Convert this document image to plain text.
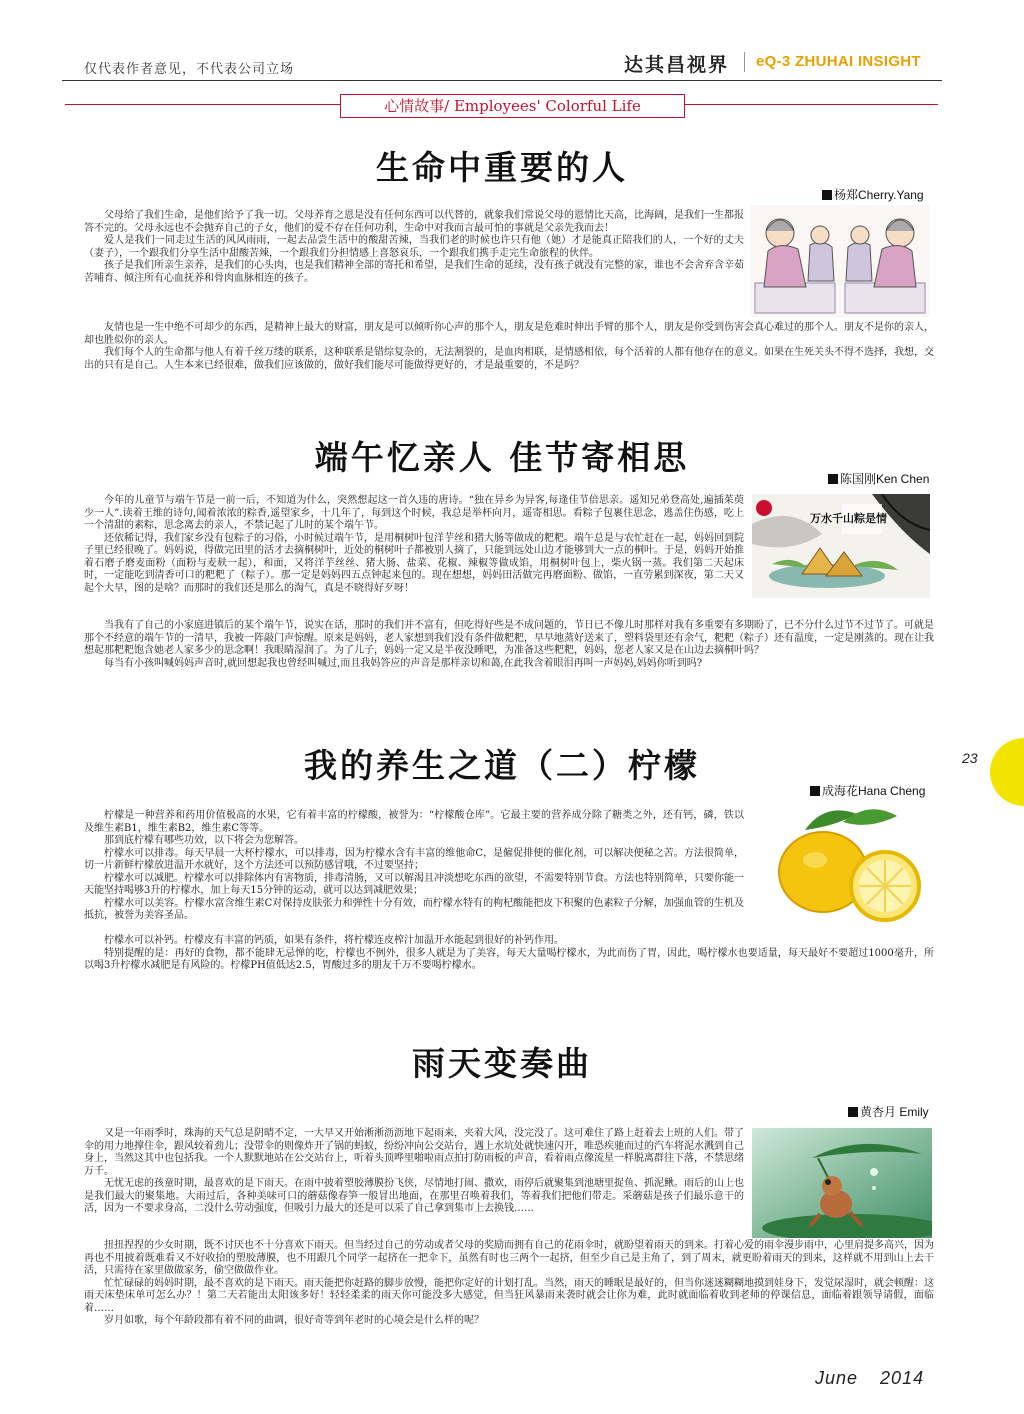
仅代表作者意见，不代表公司立场	达其昌视界 eQ-3 ZHUHAI INSIGHT
心情故事/ Employees' Colorful Life
生命中重要的人
杨郑Cherry.Yang

父母给了我们生命，是他们给予了我一切。父母养育之恩是没有任何东西可以代替的，就象我们常说父母的恩情比天高，比海阔，是我们一生都报答不完的。父母永远也不会抛弃自己的子女，他们的爱不存在任何功利，生命中对我而言最可怕的事就是父亲先我而去！

爱人是我们一同走过生活的风风雨雨，一起去品尝生活中的酸甜苦辣，当我们老的时候也许只有他（她）才是能真正陪我们的人，一个好的丈夫（妻子），一个跟我们分享生活中甜酸苦辣，一个跟我们分担情感上喜怒哀乐，一个跟我们携手走完生命旅程的伙伴。

孩子是我们所亲生亲养，是我们的心头肉，也是我们精神全部的寄托和希望，是我们生命的延续，没有孩子就没有完整的家，谁也不会舍弃含辛茹苦哺育、倾注所有心血抚养和骨肉血脉相连的孩子。

友情也是一生中绝不可却少的东西，是精神上最大的财富，朋友是可以倾听你心声的那个人，朋友是危难时伸出手臂的那个人，朋友是你受到伤害会真心难过的那个人。朋友不是你的亲人，却也胜似你的亲人。

我们每个人的生命都与他人有着千丝万缕的联系，这种联系是错综复杂的，无法割裂的，是血肉相联，是情感相依，每个活着的人都有他存在的意义。如果在生死关头不得不选择，我想，交出的只有是自己。人生本来已经很难，做我们应该做的，做好我们能尽可能做得更好的，才是最重要的，不是吗？

端午忆亲人 佳节寄相思
陈国刚Ken Chen

今年的儿童节与端午节是一前一后，不知道为什么，突然想起这一首久违的唐诗。“独在异乡为异客,每逢佳节倍思亲。遥知兄弟登高处,遍插茱萸少一人”.读着王维的诗句,闻着浓浓的粽香,遥望家乡，十几年了，每到这个时候，我总是举杯向月，遥寄相思。看粽子包裹住思念，逃盖住伤感，吃上一个清甜的素粽，思念离去的亲人，不禁记起了儿时的某个端午节。

还依稀记得，我们家乡没有包粽子的习俗，小时候过端午节，是用桐树叶包洋芋丝和猪大肠等做成的粑粑。端午总是与农忙赶在一起，妈妈回到院子里已经很晚了。妈妈说，得做完田里的活才去摘桐树叶，近处的桐树叶子都被别人摘了，只能到远处山边才能够到大一点的桐叶。于是，妈妈开始推着石磨子磨麦面粉（面粉与麦麸一起），和面，又将洋芋丝丝、猪大肠、盐菜、花椒、辣椒等做成馅，用桐树叶包上，柴火锅一蒸。我们第二天起床时，一定能吃到清香可口的粑粑了（粽子）。那一定是妈妈四五点钟起来包的。现在想想，妈妈田活做完再磨面粉、做馅，一直劳累到深夜，第二天又起个大早，图的是啥？而那时的我们还是那么的淘气，真是不晓得好歹呀！

当我有了自己的小家庭进镇后的某个端午节，说实在话，那时的我们并不富有，但吃得好些是不成问题的，节日已不像儿时那样对我有多重要有多期盼了，已不分什么过节不过节了。可就是那个不经意的端午节的一清早，我被一阵敲门声惊醒。原来是妈妈，老人家想到我们没有条件做粑粑，早早地蒸好送来了，塑料袋里还有余气，粑粑（粽子）还有温度，一定是刚蒸的。现在让我想起那粑粑饱含她老人家多少的思念啊！我眼睛湿润了。为了儿子，妈妈一定又是半夜没睡吧，为准备这些粑粑，妈妈，您老人家又是在山边去摘桐叶吗？

每当有小孩叫喊妈妈声音时,就回想起我也曾经叫喊过,而且我妈答应的声音是那样亲切和蔼,在此我含着眼泪再叫一声妈妈,妈妈你听到吗?

万水千山粽是情
我的养生之道（二）柠檬
成海花Hana Cheng

柠檬是一种营养和药用价值极高的水果，它有着丰富的柠檬酸，被誉为：“柠檬酸仓库”。它最主要的营养成分除了糖类之外，还有钙，磷，铁以及维生素B1，维生素B2，维生素C等等。

那到底柠檬有哪些功效，以下将会为您解答。

柠檬水可以排毒。每天早晨一大杯柠檬水，可以排毒，因为柠檬水含有丰富的维他命C，是僱促排便的催化剂，可以解决便秘之苦。方法很简单，切一片新鲜柠檬放进温开水就好，这个方法还可以预防感冒哦，不过要坚持；

柠檬水可以减肥。柠檬水可以排除体内有害物质，排毒清肠，又可以解渴且冲淡想吃东西的欲望，不需要特别节食。方法也特别简单，只要你能一天能坚持喝够3升的柠檬水，加上每天15分钟的运动，就可以达到减肥效果；

柠檬水可以美容。柠檬水富含维生素C对保持皮肤张力和弹性十分有效，而柠檬水特有的枸杞酸能把皮下积聚的色素粒子分解，加强血管的生机及抵抗，被誉为美容圣品。

柠檬水可以补钙。柠檬皮有丰富的钙质，如果有条件，将柠檬连皮榨汁加温开水能起到很好的补钙作用。

特别提醒的是：再好的食物，都不能肆无忌惮的吃，柠檬也不例外，很多人就是为了美容，每天大量喝柠檬水，为此而伤了胃，因此，喝柠檬水也要适量，每天最好不要超过1000毫升，所以喝3升柠檬水减肥是有风险的。柠檬PH值低达2.5，胃酸过多的朋友千万不要喝柠檬水。

雨天变奏曲
黄杏月 Emily

又是一年雨季时，珠海的天气总是阴晴不定，一大早又开始淅淅沥沥地下起雨来，夹着大风，没完没了。这可难住了路上赶着去上班的人们。带了伞的用力地撑住伞，跟风较着劲儿；没带伞的则像炸开了锅的蚂蚁，纷纷冲向公交站台，遇上水坑处就快速闪开，唯恐疾驰而过的汽车将泥水溅到自己身上，当然这其中也包括我。一个人默默地站在公交站台上，听着头顶哗里啪啦雨点拍打防雨板的声音，看着雨点像流星一样脱离群往下落，不禁思绪万千。

无忧无虑的孩童时期，最喜欢的是下雨天。在雨中披着塑胶薄膜扮飞侠，尽情地打闹、撒欢，雨停后就聚集到池塘里捉鱼、抓泥鳅。雨后的山上也是我们最大的聚集地。大雨过后，各种美味可口的蘑菇像春笋一般冒出地面，在那里召唤着我们，等着我们把他们带走。采蘑菇是孩子们最乐意干的活，因为一不要求身高，二没什么劳动强度，但吸引力最大的还是可以采了自己拿到集市上去换钱……

扭扭捏捏的少女时期，既不讨厌也不十分喜欢下雨天。但当经过自己的劳动或者父母的奖励而拥有自己的花雨伞时，就盼望着雨天的到来。打着心爱的雨伞漫步雨中，心里肩提多高兴，因为再也不用披着既难看又不好收拾的塑胶薄膜，也不用跟几个同学一起挤在一把伞下，虽然有时也三两个一起挤，但至少自己是主角了，到了周末，就更盼着雨天的到来，这样就不用到山上去干活，只需待在家里做做家务，偷空做做作业。

忙忙碌碌的妈妈时期，最不喜欢的是下雨天。雨天能把你赶路的脚步放慢，能把你定好的计划打乱。当然，雨天的睡眠是最好的，但当你迷迷糊糊地摸到娃身下，发觉尿湿时，就会顿醒：这雨天床垫床单可怎么办？！第二天若能出太阳该多好！轻轻柔柔的雨天你可能没多大感觉，但当狂风暴雨来袭时就会让你为难，此时就面临着收到老师的停课信息，面临着跟领导请假，面临着……

岁月如歌，每个年龄段都有着不同的曲调，很好奇等到年老时的心境会是什么样的呢？

23
June 2014
